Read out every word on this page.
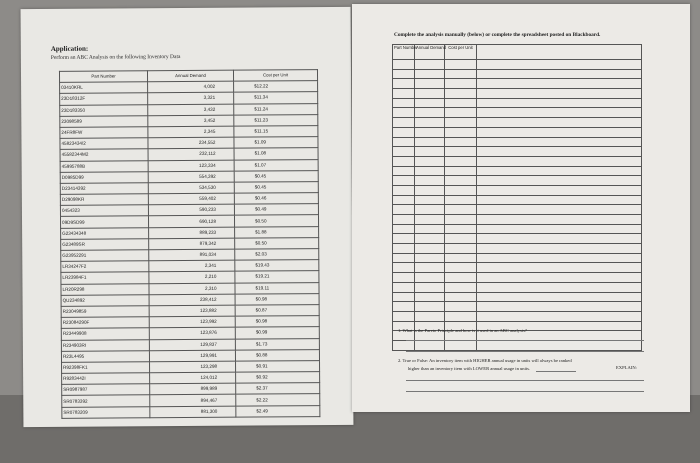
Application:
Perform an ABC Analysis on the following Inventory Data
Part Number	Annual Demand	Cost per Unit
03410KRL	4,002	$12.22
23D18312F	3,321	$11.34
23D183350	3,432	$11.24
23098589	3,452	$11.23
24FR8FW	2,345	$11.15
45823434/2	234,552	$1.09
45582344M2	232,112	$1.08
45995788B	123,334	$1.07
D0985D99	554,392	$0.45
D23414392	534,530	$0.45
D29098KR	559,402	$0.46
0454323	590,233	$0.49
09D9SD99	690,128	$0.50
G23434348	889,233	$1.88
G23489SR	879,342	$0.50
G23952291	891,034	$2.03
LR34247F2	2,341	$19.43
LR23984F1	2,210	$19.21
LR20R298	2,310	$19.11
QU234892	238,412	$0.98
R23049859	123,882	$0.87
R23084290F	123,992	$0.98
R23449908	123,876	$0.99
R234903RI	129,837	$1.73
R23L4495	129,991	$0.88
R92398FK1	123,298	$0.91
R9283442I	124,012	$0.92
SR0987987	899,989	$2.37
SR0783392	894,467	$2.22
SR0783209	881,300	$2.49
Complete the analysis manually (below) or complete the spreadsheet posted on Blackboard.
Part Number	Annual Demand	Cost per Unit	

1. What is the Pareto Principle and how is it used in an ABC analysis?
2. True or False: An inventory item with HIGHER annual usage in units will always be ranked
higher than an inventory item with LOWER annual usage in units.	EXPLAIN:
